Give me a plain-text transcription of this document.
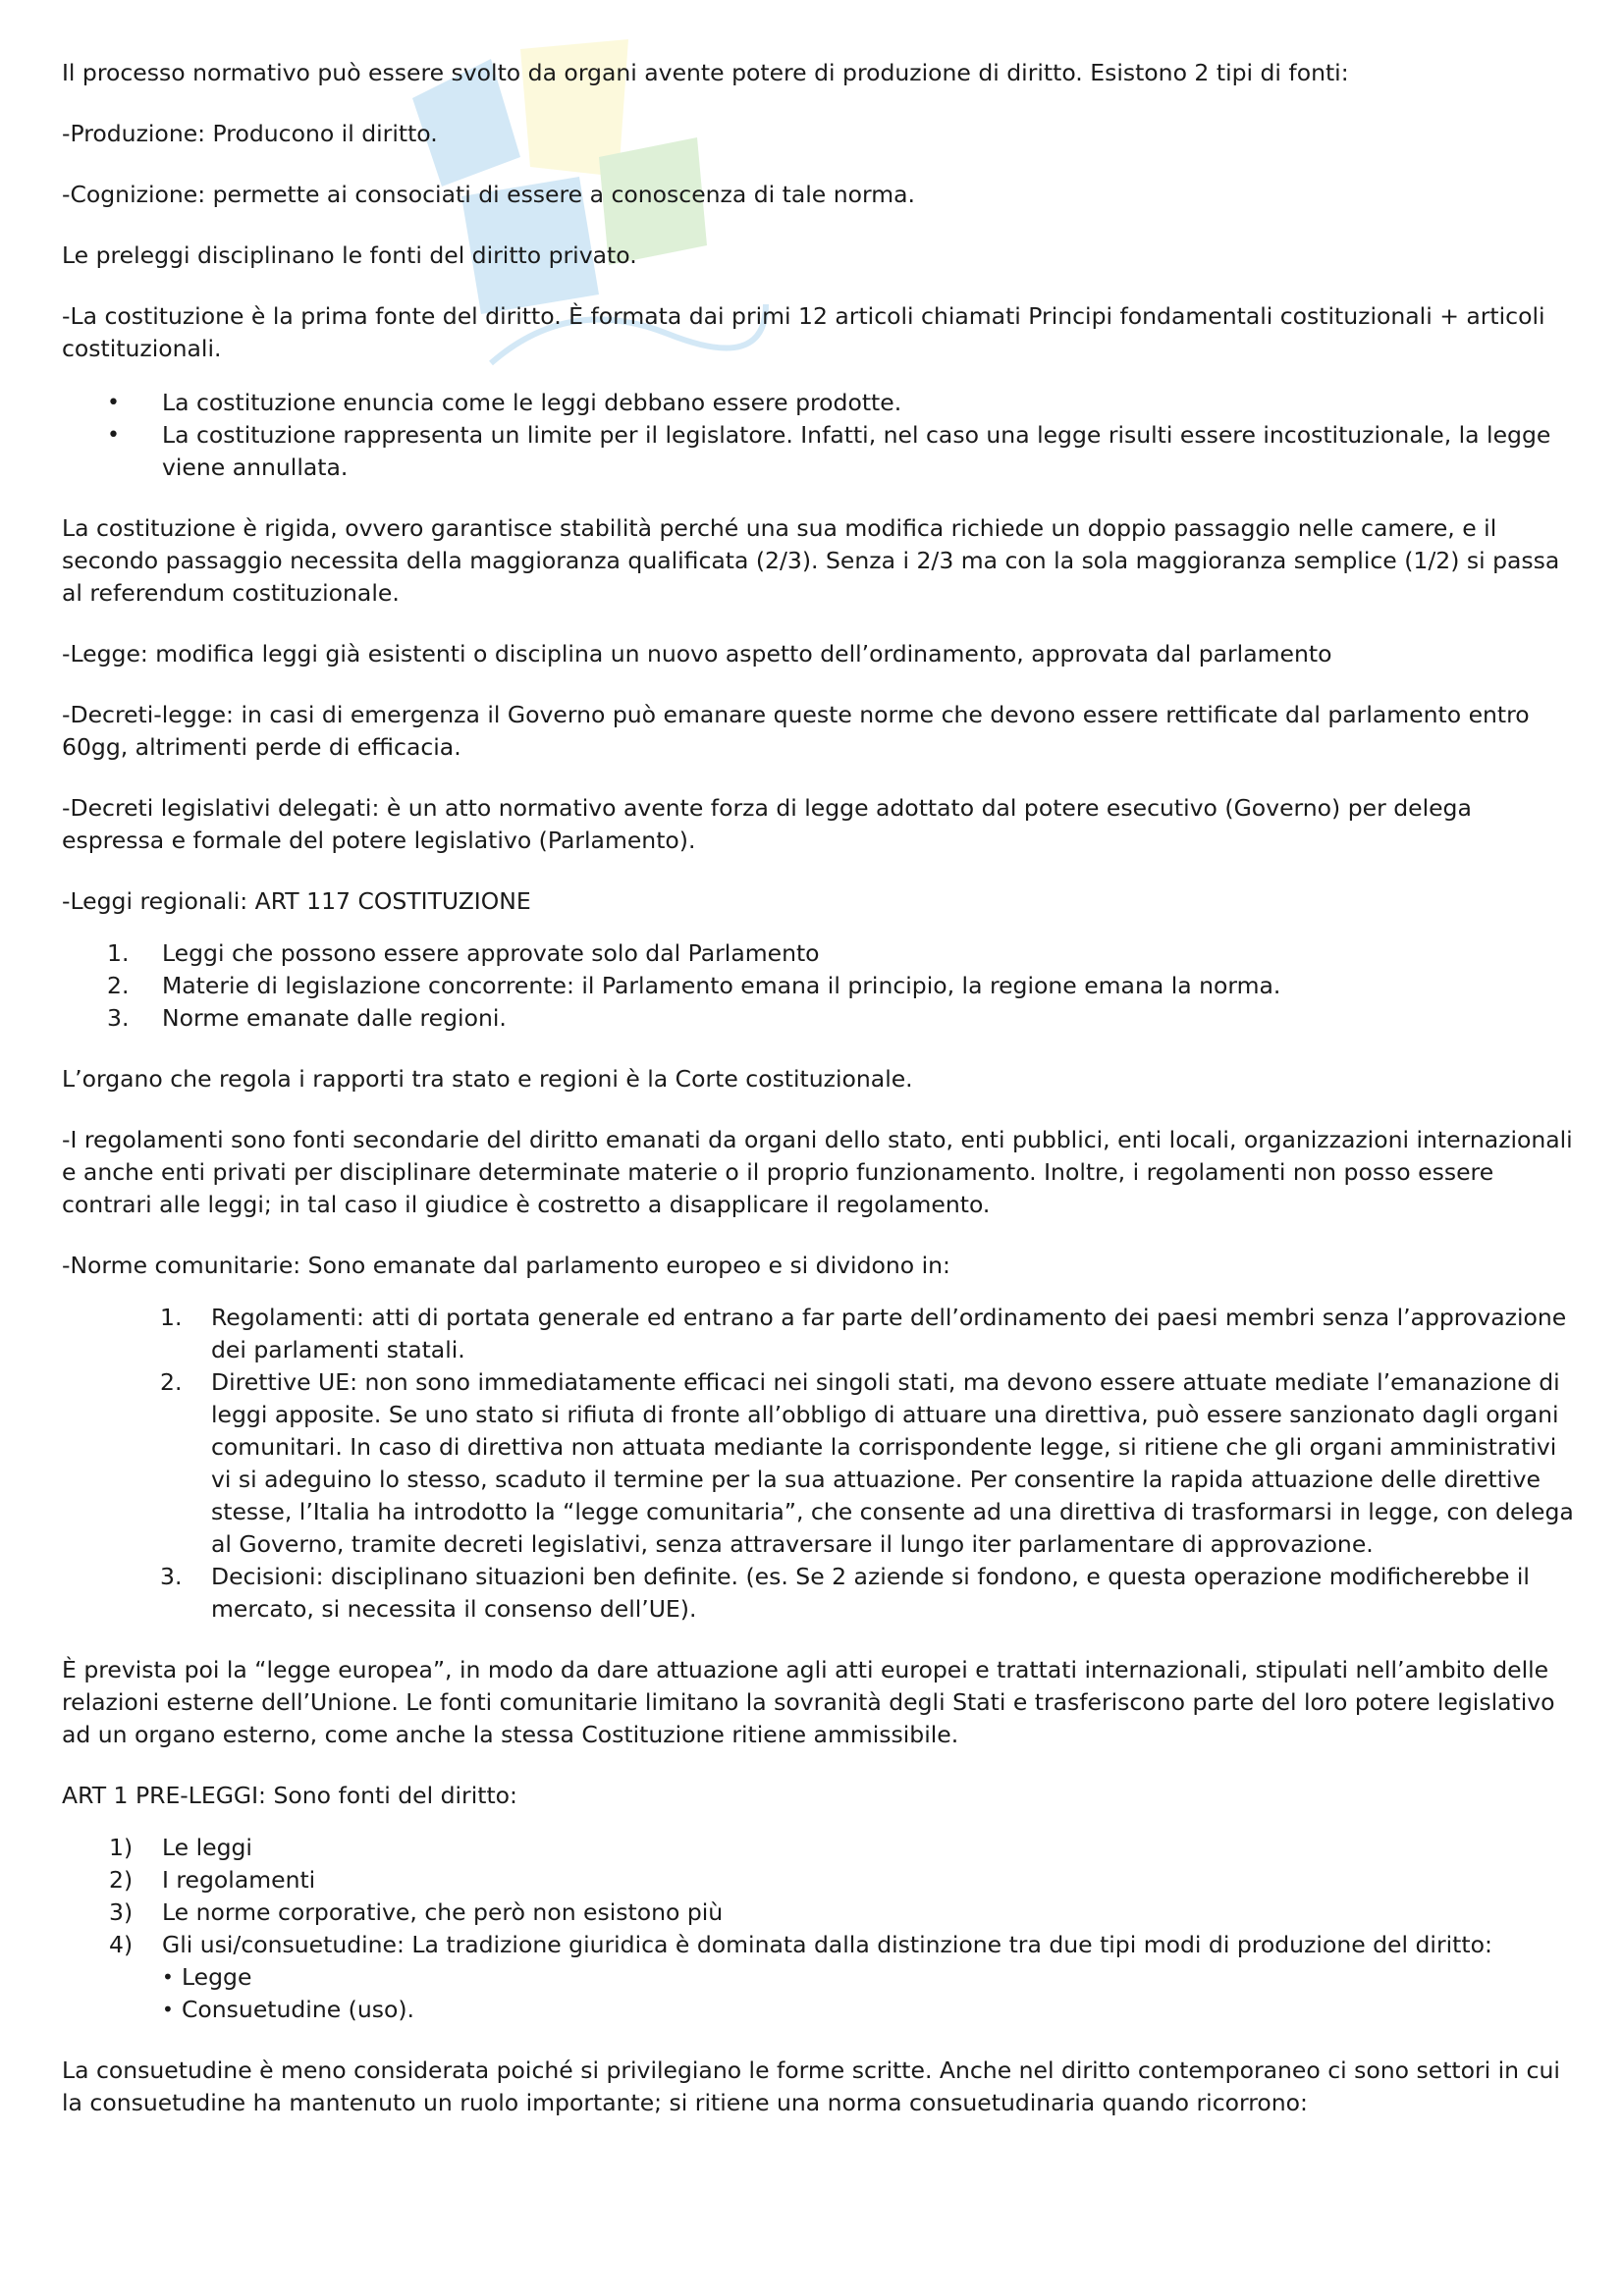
Il processo normativo può essere svolto da organi avente potere di produzione di diritto. Esistono 2 tipi di fonti:

-Produzione: Producono il diritto.

-Cognizione: permette ai consociati di essere a conoscenza di tale norma.

Le preleggi disciplinano le fonti del diritto privato.

-La costituzione è la prima fonte del diritto. È formata dai primi 12 articoli chiamati Principi fondamentali costituzionali + articoli costituzionali.

• La costituzione enuncia come le leggi debbano essere prodotte.
• La costituzione rappresenta un limite per il legislatore. Infatti, nel caso una legge risulti essere incostituzionale, la legge viene annullata.

La costituzione è rigida, ovvero garantisce stabilità perché una sua modifica richiede un doppio passaggio nelle camere, e il secondo passaggio necessita della maggioranza qualificata (2/3). Senza i 2/3 ma con la sola maggioranza semplice (1/2) si passa al referendum costituzionale.

-Legge: modifica leggi già esistenti o disciplina un nuovo aspetto dell’ordinamento, approvata dal parlamento

-Decreti-legge: in casi di emergenza il Governo può emanare queste norme che devono essere rettificate dal parlamento entro 60gg, altrimenti perde di efficacia.

-Decreti legislativi delegati: è un atto normativo avente forza di legge adottato dal potere esecutivo (Governo) per delega espressa e formale del potere legislativo (Parlamento).

-Leggi regionali: ART 117 COSTITUZIONE

1. Leggi che possono essere approvate solo dal Parlamento
2. Materie di legislazione concorrente: il Parlamento emana il principio, la regione emana la norma.
3. Norme emanate dalle regioni.

L’organo che regola i rapporti tra stato e regioni è la Corte costituzionale.

-I regolamenti sono fonti secondarie del diritto emanati da organi dello stato, enti pubblici, enti locali, organizzazioni internazionali e anche enti privati per disciplinare determinate materie o il proprio funzionamento. Inoltre, i regolamenti non posso essere contrari alle leggi; in tal caso il giudice è costretto a disapplicare il regolamento.

-Norme comunitarie: Sono emanate dal parlamento europeo e si dividono in:

1. Regolamenti: atti di portata generale ed entrano a far parte dell’ordinamento dei paesi membri senza l’approvazione dei parlamenti statali.
2. Direttive UE: non sono immediatamente efficaci nei singoli stati, ma devono essere attuate mediate l’emanazione di leggi apposite. Se uno stato si rifiuta di fronte all’obbligo di attuare una direttiva, può essere sanzionato dagli organi comunitari. In caso di direttiva non attuata mediante la corrispondente legge, si ritiene che gli organi amministrativi vi si adeguino lo stesso, scaduto il termine per la sua attuazione. Per consentire la rapida attuazione delle direttive stesse, l’Italia ha introdotto la “legge comunitaria”, che consente ad una direttiva di trasformarsi in legge, con delega al Governo, tramite decreti legislativi, senza attraversare il lungo iter parlamentare di approvazione.
3. Decisioni: disciplinano situazioni ben definite. (es. Se 2 aziende si fondono, e questa operazione modificherebbe il mercato, si necessita il consenso dell’UE).

È prevista poi la “legge europea”, in modo da dare attuazione agli atti europei e trattati internazionali, stipulati nell’ambito delle relazioni esterne dell’Unione. Le fonti comunitarie limitano la sovranità degli Stati e trasferiscono parte del loro potere legislativo ad un organo esterno, come anche la stessa Costituzione ritiene ammissibile.

ART 1 PRE-LEGGI: Sono fonti del diritto:

1) Le leggi
2) I regolamenti
3) Le norme corporative, che però non esistono più
4) Gli usi/consuetudine: La tradizione giuridica è dominata dalla distinzione tra due tipi modi di produzione del diritto:
• Legge
• Consuetudine (uso).

La consuetudine è meno considerata poiché si privilegiano le forme scritte. Anche nel diritto contemporaneo ci sono settori in cui la consuetudine ha mantenuto un ruolo importante; si ritiene una norma consuetudinaria quando ricorrono:
